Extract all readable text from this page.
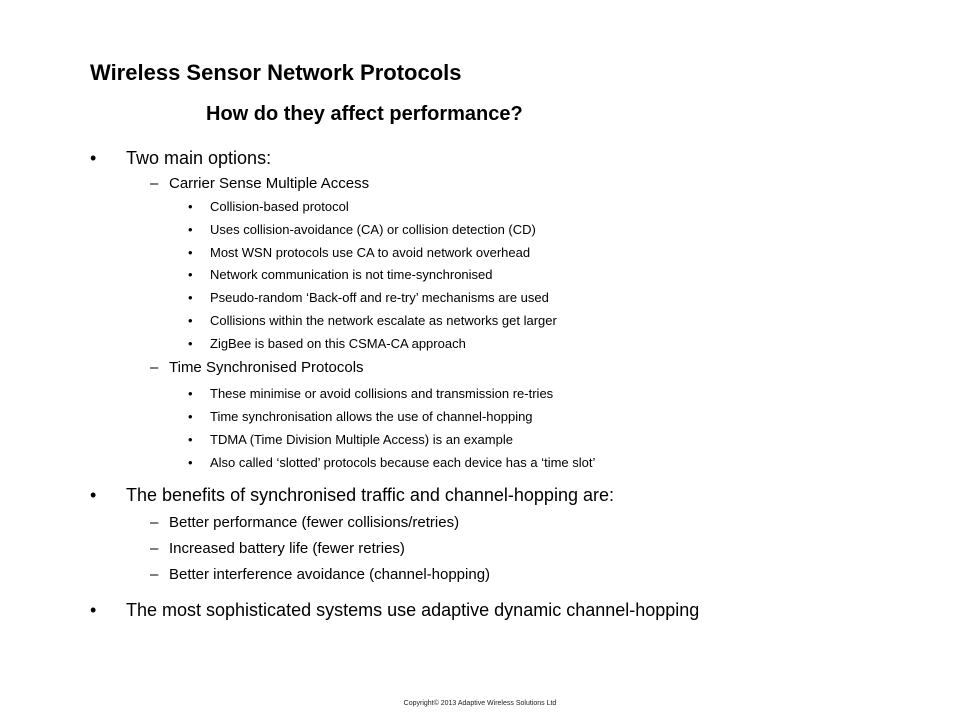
Wireless Sensor Network Protocols
How do they affect performance?
• Two main options:
– Carrier Sense Multiple Access
• Collision-based protocol
• Uses collision-avoidance (CA) or collision detection (CD)
• Most WSN protocols use CA to avoid network overhead
• Network communication is not time-synchronised
• Pseudo-random ‘Back-off and re-try’ mechanisms are used
• Collisions within the network escalate as networks get larger
• ZigBee is based on this CSMA-CA approach
– Time Synchronised Protocols
• These minimise or avoid collisions and transmission re-tries
• Time synchronisation allows the use of channel-hopping
• TDMA (Time Division Multiple Access) is an example
• Also called ‘slotted’ protocols because each device has a ‘time slot’
• The benefits of synchronised traffic and channel-hopping are:
– Better performance (fewer collisions/retries)
– Increased battery life (fewer retries)
– Better interference avoidance (channel-hopping)
• The most sophisticated systems use adaptive dynamic channel-hopping
Copyright© 2013 Adaptive Wireless Solutions Ltd
